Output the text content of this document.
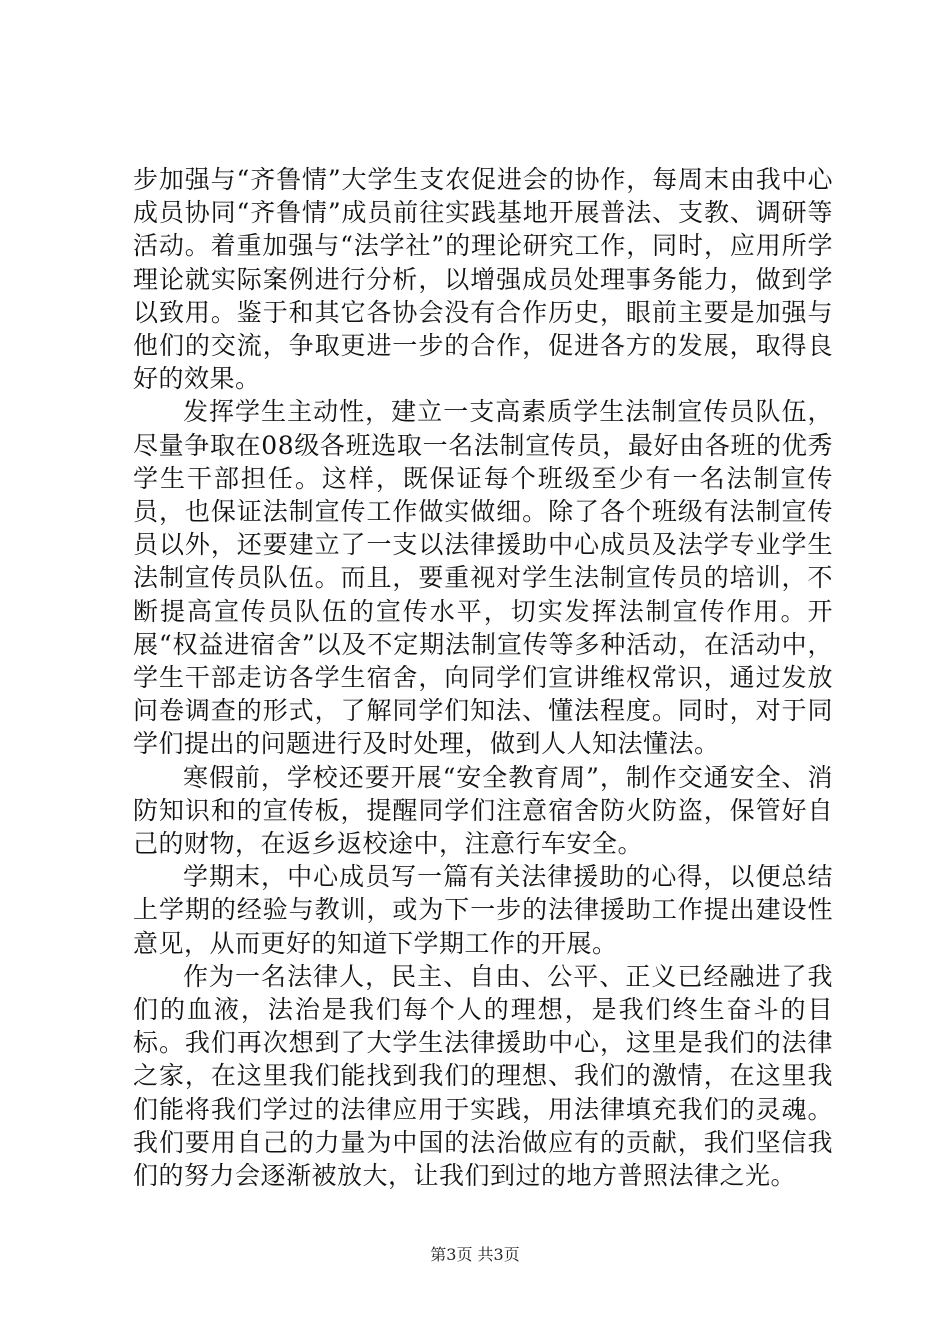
步加强与“齐鲁情”大学生支农促进会的协作，每周末由我中心成员协同“齐鲁情”成员前往实践基地开展普法、支教、调研等活动。着重加强与“法学社”的理论研究工作，同时，应用所学理论就实际案例进行分析，以增强成员处理事务能力，做到学以致用。鉴于和其它各协会没有合作历史，眼前主要是加强与他们的交流，争取更进一步的合作，促进各方的发展，取得良好的效果。

发挥学生主动性，建立一支高素质学生法制宣传员队伍，尽量争取在08级各班选取一名法制宣传员，最好由各班的优秀学生干部担任。这样，既保证每个班级至少有一名法制宣传员，也保证法制宣传工作做实做细。除了各个班级有法制宣传员以外，还要建立了一支以法律援助中心成员及法学专业学生法制宣传员队伍。而且，要重视对学生法制宣传员的培训，不断提高宣传员队伍的宣传水平，切实发挥法制宣传作用。开展“权益进宿舍”以及不定期法制宣传等多种活动，在活动中，学生干部走访各学生宿舍，向同学们宣讲维权常识，通过发放问卷调查的形式，了解同学们知法、懂法程度。同时，对于同学们提出的问题进行及时处理，做到人人知法懂法。

寒假前，学校还要开展“安全教育周”，制作交通安全、消防知识和的宣传板，提醒同学们注意宿舍防火防盗，保管好自己的财物，在返乡返校途中，注意行车安全。

学期末，中心成员写一篇有关法律援助的心得，以便总结上学期的经验与教训，或为下一步的法律援助工作提出建设性意见，从而更好的知道下学期工作的开展。

作为一名法律人，民主、自由、公平、正义已经融进了我们的血液，法治是我们每个人的理想，是我们终生奋斗的目标。我们再次想到了大学生法律援助中心，这里是我们的法律之家，在这里我们能找到我们的理想、我们的激情，在这里我们能将我们学过的法律应用于实践，用法律填充我们的灵魂。我们要用自己的力量为中国的法治做应有的贡献，我们坚信我们的努力会逐渐被放大，让我们到过的地方普照法律之光。

第3页 共3页
